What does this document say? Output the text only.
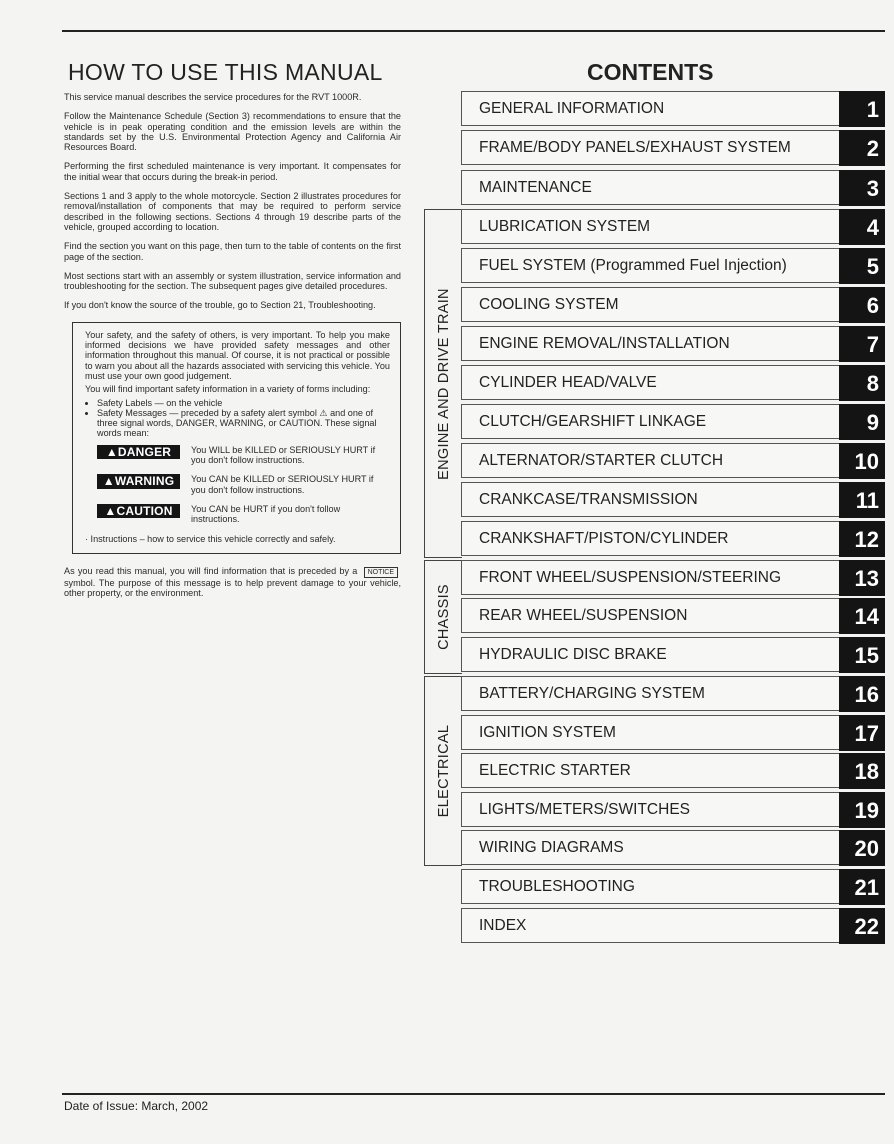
HOW TO USE THIS MANUAL	CONTENTS

This service manual describes the service procedures for the RVT 1000R.

Follow the Maintenance Schedule (Section 3) recommendations to ensure that the vehicle is in peak operating condition and the emission levels are within the standards set by the U.S. Environmental Protection Agency and California Air Resources Board.

Performing the first scheduled maintenance is very important. It compensates for the initial wear that occurs during the break-in period.

Sections 1 and 3 apply to the whole motorcycle. Section 2 illustrates procedures for removal/installation of components that may be required to perform service described in the following sections. Sections 4 through 19 describe parts of the vehicle, grouped according to location.

Find the section you want on this page, then turn to the table of contents on the first page of the section.

Most sections start with an assembly or system illustration, service information and troubleshooting for the section. The subsequent pages give detailed procedures.

If you don't know the source of the trouble, go to Section 21, Troubleshooting.

Your safety, and the safety of others, is very important. To help you make informed decisions we have provided safety messages and other information throughout this manual. Of course, it is not practical or possible to warn you about all the hazards associated with servicing this vehicle. You must use your own good judgement.

You will find important safety information in a variety of forms including:

• Safety Labels — on the vehicle
• Safety Messages — preceded by a safety alert symbol ⚠ and one of three signal words, DANGER, WARNING, or CAUTION. These signal words mean:
▲DANGER	You WILL be KILLED or SERIOUSLY HURT if you don't follow instructions.
▲WARNING	You CAN be KILLED or SERIOUSLY HURT if you don't follow instructions.
▲CAUTION	You CAN be HURT if you don't follow instructions.

· Instructions – how to service this vehicle correctly and safely.

As you read this manual, you will find information that is preceded by a NOTICE symbol. The purpose of this message is to help prevent damage to your vehicle, other property, or the environment.

ENGINE AND DRIVE TRAIN
CHASSIS
ELECTRICAL
GENERAL INFORMATION	1
FRAME/BODY PANELS/EXHAUST SYSTEM	2
MAINTENANCE	3
LUBRICATION SYSTEM	4
FUEL SYSTEM (Programmed Fuel Injection)	5
COOLING SYSTEM	6
ENGINE REMOVAL/INSTALLATION	7
CYLINDER HEAD/VALVE	8
CLUTCH/GEARSHIFT LINKAGE	9
ALTERNATOR/STARTER CLUTCH	10
CRANKCASE/TRANSMISSION	11
CRANKSHAFT/PISTON/CYLINDER	12
FRONT WHEEL/SUSPENSION/STEERING	13
REAR WHEEL/SUSPENSION	14
HYDRAULIC DISC BRAKE	15
BATTERY/CHARGING SYSTEM	16
IGNITION SYSTEM	17
ELECTRIC STARTER	18
LIGHTS/METERS/SWITCHES	19
WIRING DIAGRAMS	20
TROUBLESHOOTING	21
INDEX	22
Date of Issue: March, 2002
